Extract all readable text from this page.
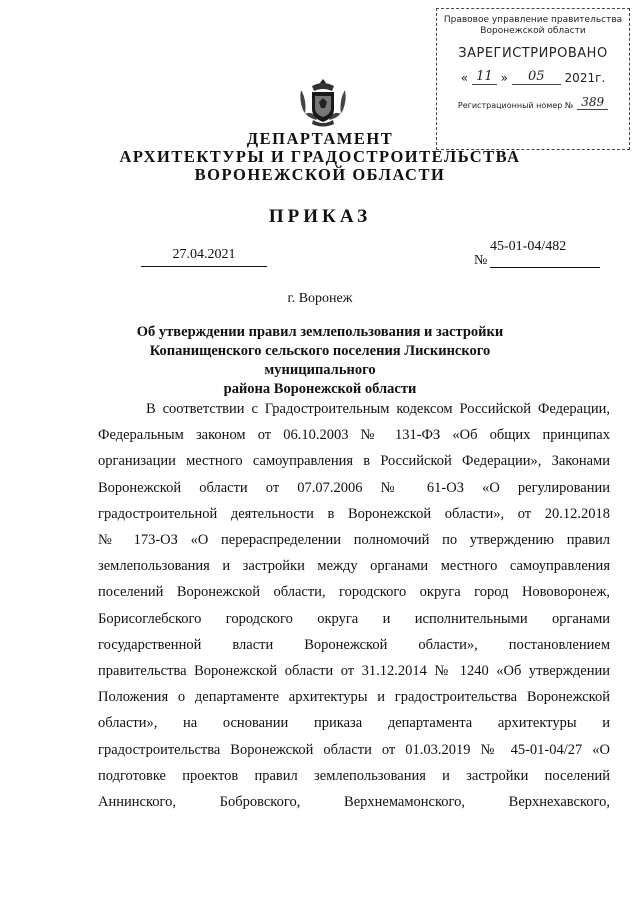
Правовое управление правительства
Воронежской области
ЗАРЕГИСТРИРОВАНО
« 11 »	05	2021г.
Регистрационный номер № 389
ДЕПАРТАМЕНТ
АРХИТЕКТУРЫ И ГРАДОСТРОИТЕЛЬСТВА
ВОРОНЕЖСКОЙ ОБЛАСТИ
ПРИКАЗ
27.04.2021	№
45-01-04/482
г. Воронеж
Об утверждении правил землепользования и застройки
Копанищенского сельского поселения Лискинского муниципального
района Воронежской области
В соответствии с Градостроительным кодексом Российской Федерации,
Федеральным законом от 06.10.2003 № 131-ФЗ «Об общих принципах
организации местного самоуправления в Российской Федерации», Законами
Воронежской области от 07.07.2006 № 61-ОЗ «О регулировании
градостроительной деятельности в Воронежской области», от 20.12.2018
№ 173-ОЗ «О перераспределении полномочий по утверждению правил
землепользования и застройки между органами местного самоуправления
поселений Воронежской области, городского округа город Нововоронеж,
Борисоглебского городского округа и исполнительными органами
государственной власти Воронежской области», постановлением
правительства Воронежской области от 31.12.2014 № 1240 «Об утверждении
Положения о департаменте архитектуры и градостроительства Воронежской
области», на основании приказа департамента архитектуры и
градостроительства Воронежской области от 01.03.2019 № 45-01-04/27 «О
подготовке проектов правил землепользования и застройки поселений
Аннинского, Бобровского, Верхнемамонского, Верхнехавского,
